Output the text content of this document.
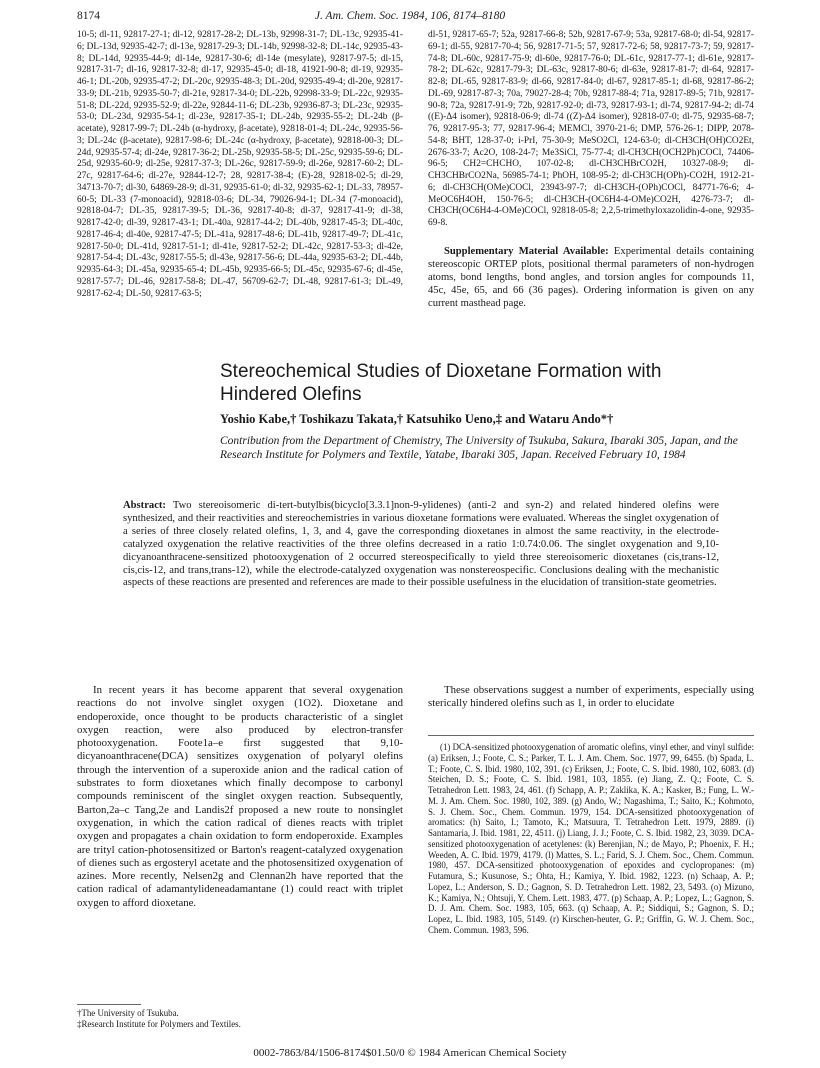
8174	J. Am. Chem. Soc. 1984, 106, 8174–8180
10-5; dl-11, 92817-27-1; dl-12, 92817-28-2; DL-13b, 92998-31-7; DL-13c, 92935-41-6; DL-13d, 92935-42-7; dl-13e, 92817-29-3; DL-14b, 92998-32-8; DL-14c, 92935-43-8; DL-14d, 92935-44-9; dl-14e, 92817-30-6; dl-14e (mesylate), 92817-97-5; dl-15, 92817-31-7; dl-16, 92817-32-8; dl-17, 92935-45-0; dl-18, 41921-90-8; dl-19, 92935-46-1; DL-20b, 92935-47-2; DL-20c, 92935-48-3; DL-20d, 92935-49-4; dl-20e, 92817-33-9; DL-21b, 92935-50-7; dl-21e, 92817-34-0; DL-22b, 92998-33-9; DL-22c, 92935-51-8; DL-22d, 92935-52-9; dl-22e, 92844-11-6; DL-23b, 92936-87-3; DL-23c, 92935-53-0; DL-23d, 92935-54-1; dl-23e, 92817-35-1; DL-24b, 92935-55-2; DL-24b (β-acetate), 92817-99-7; DL-24b (α-hydroxy, β-acetate), 92818-01-4; DL-24c, 92935-56-3; DL-24c (β-acetate), 92817-98-6; DL-24c (α-hydroxy, β-acetate), 92818-00-3; DL-24d, 92935-57-4; dl-24e, 92817-36-2; DL-25b, 92935-58-5; DL-25c, 92935-59-6; DL-25d, 92935-60-9; dl-25e, 92817-37-3; DL-26c, 92817-59-9; dl-26e, 92817-60-2; DL-27c, 92817-64-6; dl-27e, 92844-12-7; 28, 92817-38-4; (E)-28, 92818-02-5; dl-29, 34713-70-7; dl-30, 64869-28-9; dl-31, 92935-61-0; dl-32, 92935-62-1; DL-33, 78957-60-5; DL-33 (7-monoacid), 92818-03-6; DL-34, 79026-94-1; DL-34 (7-monoacid), 92818-04-7; DL-35, 92817-39-5; DL-36, 92817-40-8; dl-37, 92817-41-9; dl-38, 92817-42-0; dl-39, 92817-43-1; DL-40a, 92817-44-2; DL-40b, 92817-45-3; DL-40c, 92817-46-4; dl-40e, 92817-47-5; DL-41a, 92817-48-6; DL-41b, 92817-49-7; DL-41c, 92817-50-0; DL-41d, 92817-51-1; dl-41e, 92817-52-2; DL-42c, 92817-53-3; dl-42e, 92817-54-4; DL-43c, 92817-55-5; dl-43e, 92817-56-6; DL-44a, 92935-63-2; DL-44b, 92935-64-3; DL-45a, 92935-65-4; DL-45b, 92935-66-5; DL-45c, 92935-67-6; dl-45e, 92817-57-7; DL-46, 92817-58-8; DL-47, 56709-62-7; DL-48, 92817-61-3; DL-49, 92817-62-4; DL-50, 92817-63-5;
dl-51, 92817-65-7; 52a, 92817-66-8; 52b, 92817-67-9; 53a, 92817-68-0; dl-54, 92817-69-1; dl-55, 92817-70-4; 56, 92817-71-5; 57, 92817-72-6; 58, 92817-73-7; 59, 92817-74-8; DL-60c, 92817-75-9; dl-60e, 92817-76-0; DL-61c, 92817-77-1; dl-61e, 92817-78-2; DL-62c, 92817-79-3; DL-63c, 92817-80-6; dl-63e, 92817-81-7; dl-64, 92817-82-8; DL-65, 92817-83-9; dl-66, 92817-84-0; dl-67, 92817-85-1; dl-68, 92817-86-2; DL-69, 92817-87-3; 70a, 79027-28-4; 70b, 92817-88-4; 71a, 92817-89-5; 71b, 92817-90-8; 72a, 92817-91-9; 72b, 92817-92-0; dl-73, 92817-93-1; dl-74, 92817-94-2; dl-74 ((E)-Δ4 isomer), 92818-06-9; dl-74 ((Z)-Δ4 isomer), 92818-07-0; dl-75, 92935-68-7; 76, 92817-95-3; 77, 92817-96-4; MEMCl, 3970-21-6; DMP, 576-26-1; DIPP, 2078-54-8; BHT, 128-37-0; i-PrI, 75-30-9; MeSO2Cl, 124-63-0; dl-CH3CH(OH)CO2Et, 2676-33-7; Ac2O, 108-24-7; Me3SiCl, 75-77-4; dl-CH3CH(OCH2Ph)COCl, 74406-96-5; CH2=CHCHO, 107-02-8; dl-CH3CHBrCO2H, 10327-08-9; dl-CH3CHBrCO2Na, 56985-74-1; PhOH, 108-95-2; dl-CH3CH(OPh)-CO2H, 1912-21-6; dl-CH3CH(OMe)COCl, 23943-97-7; dl-CH3CH-(OPh)COCl, 84771-76-6; 4-MeOC6H4OH, 150-76-5; dl-CH3CH-(OC6H4-4-OMe)CO2H, 4276-73-7; dl-CH3CH(OC6H4-4-OMe)COCl, 92818-05-8; 2,2,5-trimethyloxazolidin-4-one, 92935-69-8.
Supplementary Material Available: Experimental details containing stereoscopic ORTEP plots, positional thermal parameters of non-hydrogen atoms, bond lengths, bond angles, and torsion angles for compounds 11, 45c, 45e, 65, and 66 (36 pages). Ordering information is given on any current masthead page.
Stereochemical Studies of Dioxetane Formation with Hindered Olefins
Yoshio Kabe,† Toshikazu Takata,† Katsuhiko Ueno,‡ and Wataru Ando*†
Contribution from the Department of Chemistry, The University of Tsukuba, Sakura, Ibaraki 305, Japan, and the Research Institute for Polymers and Textile, Yatabe, Ibaraki 305, Japan. Received February 10, 1984
Abstract: Two stereoisomeric di-tert-butylbis(bicyclo[3.3.1]non-9-ylidenes) (anti-2 and syn-2) and related hindered olefins were synthesized, and their reactivities and stereochemistries in various dioxetane formations were evaluated. Whereas the singlet oxygenation of a series of three closely related olefins, 1, 3, and 4, gave the corresponding dioxetanes in almost the same reactivity, in the electrode-catalyzed oxygenation the relative reactivities of the three olefins decreased in a ratio 1:0.74:0.06. The singlet oxygenation and 9,10-dicyanoanthracene-sensitized photooxygenation of 2 occurred stereospecifically to yield three stereoisomeric dioxetanes (cis,trans-12, cis,cis-12, and trans,trans-12), while the electrode-catalyzed oxygenation was nonstereospecific. Conclusions dealing with the mechanistic aspects of these reactions are presented and references are made to their possible usefulness in the elucidation of transition-state geometries.
In recent years it has become apparent that several oxygenation reactions do not involve singlet oxygen (1O2). Dioxetane and endoperoxide, once thought to be products characteristic of a singlet oxygen reaction, were also produced by electron-transfer photooxygenation. Foote1a–e first suggested that 9,10-dicyanoanthracene(DCA) sensitizes oxygenation of polyaryl olefins through the intervention of a superoxide anion and the radical cation of substrates to form dioxetanes which finally decompose to carbonyl compounds reminiscent of the singlet oxygen reaction. Subsequently, Barton,2a–c Tang,2e and Landis2f proposed a new route to nonsinglet oxygenation, in which the cation radical of dienes reacts with triplet oxygen and propagates a chain oxidation to form endoperoxide. Examples are trityl cation-photosensitized or Barton's reagent-catalyzed oxygenation of dienes such as ergosteryl acetate and the photosensitized oxygenation of azines. More recently, Nelsen2g and Clennan2h have reported that the cation radical of adamantylideneadamantane (1) could react with triplet oxygen to afford dioxetane.
These observations suggest a number of experiments, especially using sterically hindered olefins such as 1, in order to elucidate
†The University of Tsukuba.
‡Research Institute for Polymers and Textiles.
(1) DCA-sensitized photooxygenation of aromatic olefins, vinyl ether, and vinyl sulfide: (a) Eriksen, J.; Foote, C. S.; Parker, T. L. J. Am. Chem. Soc. 1977, 99, 6455. (b) Spada, L. T.; Foote, C. S. Ibid. 1980, 102, 391. (c) Eriksen, J.; Foote, C. S. Ibid. 1980, 102, 6083. (d) Steichen, D. S.; Foote, C. S. Ibid. 1981, 103, 1855. (e) Jiang, Z. Q.; Foote, C. S. Tetrahedron Lett. 1983, 24, 461. (f) Schapp, A. P.; Zaklika, K. A.; Kasker, B.; Fung, L. W.-M. J. Am. Chem. Soc. 1980, 102, 389. (g) Ando, W.; Nagashima, T.; Saito, K.; Kohmoto, S. J. Chem. Soc., Chem. Commun. 1979, 154. DCA-sensitized photooxygenation of aromatics: (h) Saito, I.; Tamoto, K.; Matsuura, T. Tetrahedron Lett. 1979, 2889. (i) Santamaria, J. Ibid. 1981, 22, 4511. (j) Liang, J. J.; Foote, C. S. Ibid. 1982, 23, 3039. DCA-sensitized photooxygenation of acetylenes: (k) Berenjian, N.; de Mayo, P.; Phoenix, F. H.; Weeden, A. C. Ibid. 1979, 4179. (l) Mattes, S. L.; Farid, S. J. Chem. Soc., Chem. Commun. 1980, 457. DCA-sensitized photooxygenation of epoxides and cyclopropanes: (m) Futamura, S.; Kusunose, S.; Ohta, H.; Kamiya, Y. Ibid. 1982, 1223. (n) Schaap, A. P.; Lopez, L.; Anderson, S. D.; Gagnon, S. D. Tetrahedron Lett. 1982, 23, 5493. (o) Mizuno, K.; Kamiya, N.; Ohtsuji, Y. Chem. Lett. 1983, 477. (p) Schaap, A. P.; Lopez, L.; Gagnon, S. D. J. Am. Chem. Soc. 1983, 105, 663. (q) Schaap, A. P.; Siddiqui, S.; Gagnon, S. D.; Lopez, L. Ibid. 1983, 105, 5149. (r) Kirschen-heuter, G. P.; Griffin, G. W. J. Chem. Soc., Chem. Commun. 1983, 596.
0002-7863/84/1506-8174$01.50/0 © 1984 American Chemical Society
